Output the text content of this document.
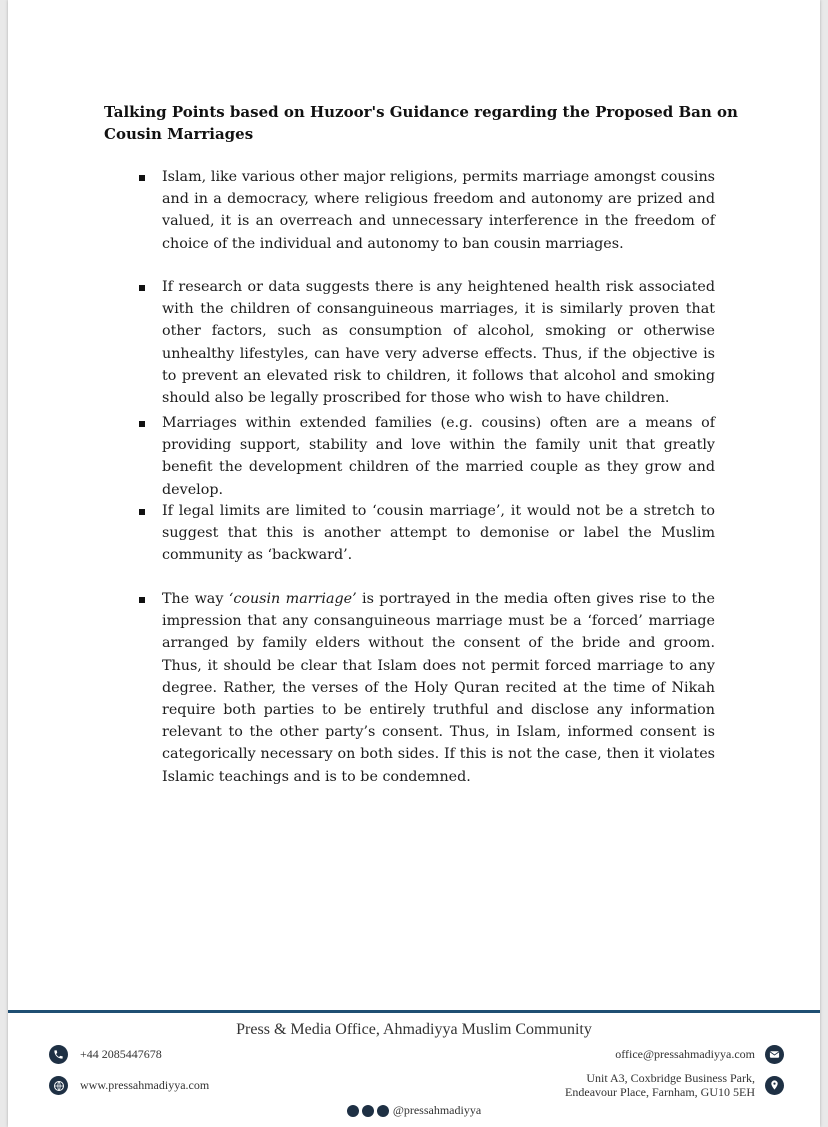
Talking Points based on Huzoor's Guidance regarding the Proposed Ban on Cousin Marriages
Islam, like various other major religions, permits marriage amongst cousins and in a democracy, where religious freedom and autonomy are prized and valued, it is an overreach and unnecessary interference in the freedom of choice of the individual and autonomy to ban cousin marriages.
If research or data suggests there is any heightened health risk associated with the children of consanguineous marriages, it is similarly proven that other factors, such as consumption of alcohol, smoking or otherwise unhealthy lifestyles, can have very adverse effects. Thus, if the objective is to prevent an elevated risk to children, it follows that alcohol and smoking should also be legally proscribed for those who wish to have children.
Marriages within extended families (e.g. cousins) often are a means of providing support, stability and love within the family unit that greatly benefit the development children of the married couple as they grow and develop.
If legal limits are limited to ‘cousin marriage’, it would not be a stretch to suggest that this is another attempt to demonise or label the Muslim community as ‘backward’.
The way ‘cousin marriage’ is portrayed in the media often gives rise to the impression that any consanguineous marriage must be a ‘forced’ marriage arranged by family elders without the consent of the bride and groom. Thus, it should be clear that Islam does not permit forced marriage to any degree. Rather, the verses of the Holy Quran recited at the time of Nikah require both parties to be entirely truthful and disclose any information relevant to the other party’s consent. Thus, in Islam, informed consent is categorically necessary on both sides. If this is not the case, then it violates Islamic teachings and is to be condemned.
Press & Media Office, Ahmadiyya Muslim Community
+44 2085447678
www.pressahmadiyya.com
office@pressahmadiyya.com
Unit A3, Coxbridge Business Park,
Endeavour Place, Farnham, GU10 5EH
@pressahmadiyya
